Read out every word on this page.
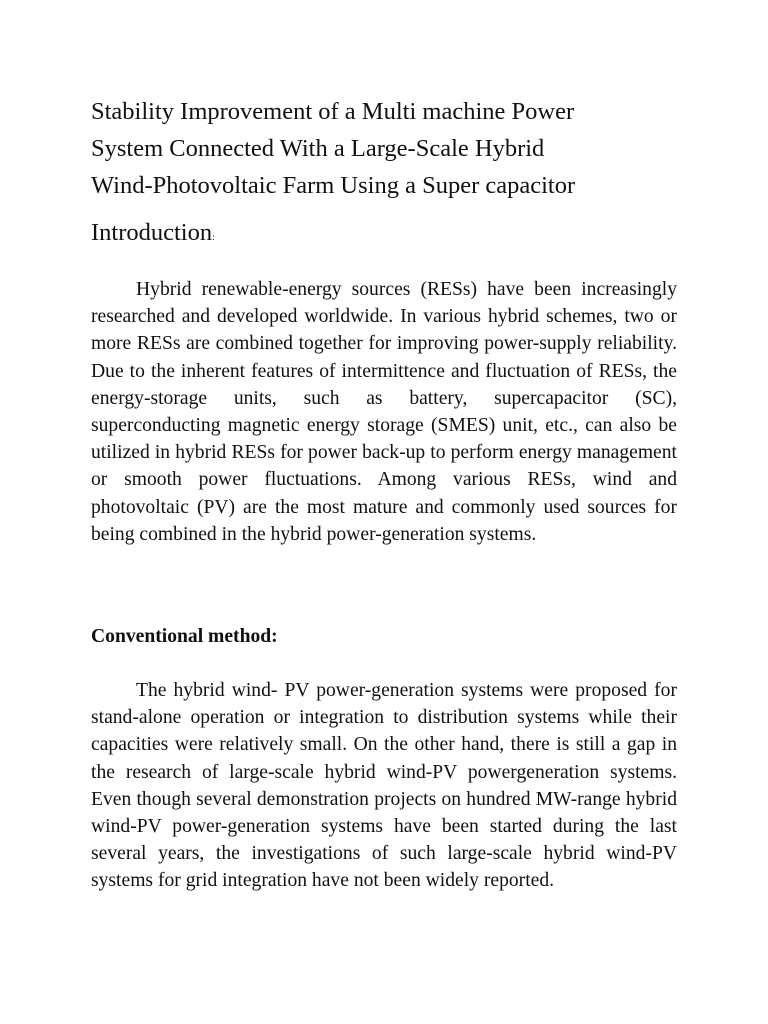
Stability Improvement of a Multi machine Power
System Connected With a Large-Scale Hybrid
Wind-Photovoltaic Farm Using a Super capacitor
Introduction:

Hybrid renewable-energy sources (RESs) have been increasingly researched and developed worldwide. In various hybrid schemes, two or more RESs are combined together for improving power-supply reliability. Due to the inherent features of intermittence and fluctuation of RESs, the energy-storage units, such as battery, supercapacitor (SC), superconducting magnetic energy storage (SMES) unit, etc., can also be utilized in hybrid RESs for power back-up to perform energy management or smooth power fluctuations. Among various RESs, wind and photovoltaic (PV) are the most mature and commonly used sources for being combined in the hybrid power-generation systems.

Conventional method:

The hybrid wind- PV power-generation systems were proposed for stand-alone operation or integration to distribution systems while their capacities were relatively small. On the other hand, there is still a gap in the research of large-scale hybrid wind-PV powergeneration systems. Even though several demonstration projects on hundred MW-range hybrid wind-PV power-generation systems have been started during the last several years, the investigations of such large-scale hybrid wind-PV systems for grid integration have not been widely reported.
